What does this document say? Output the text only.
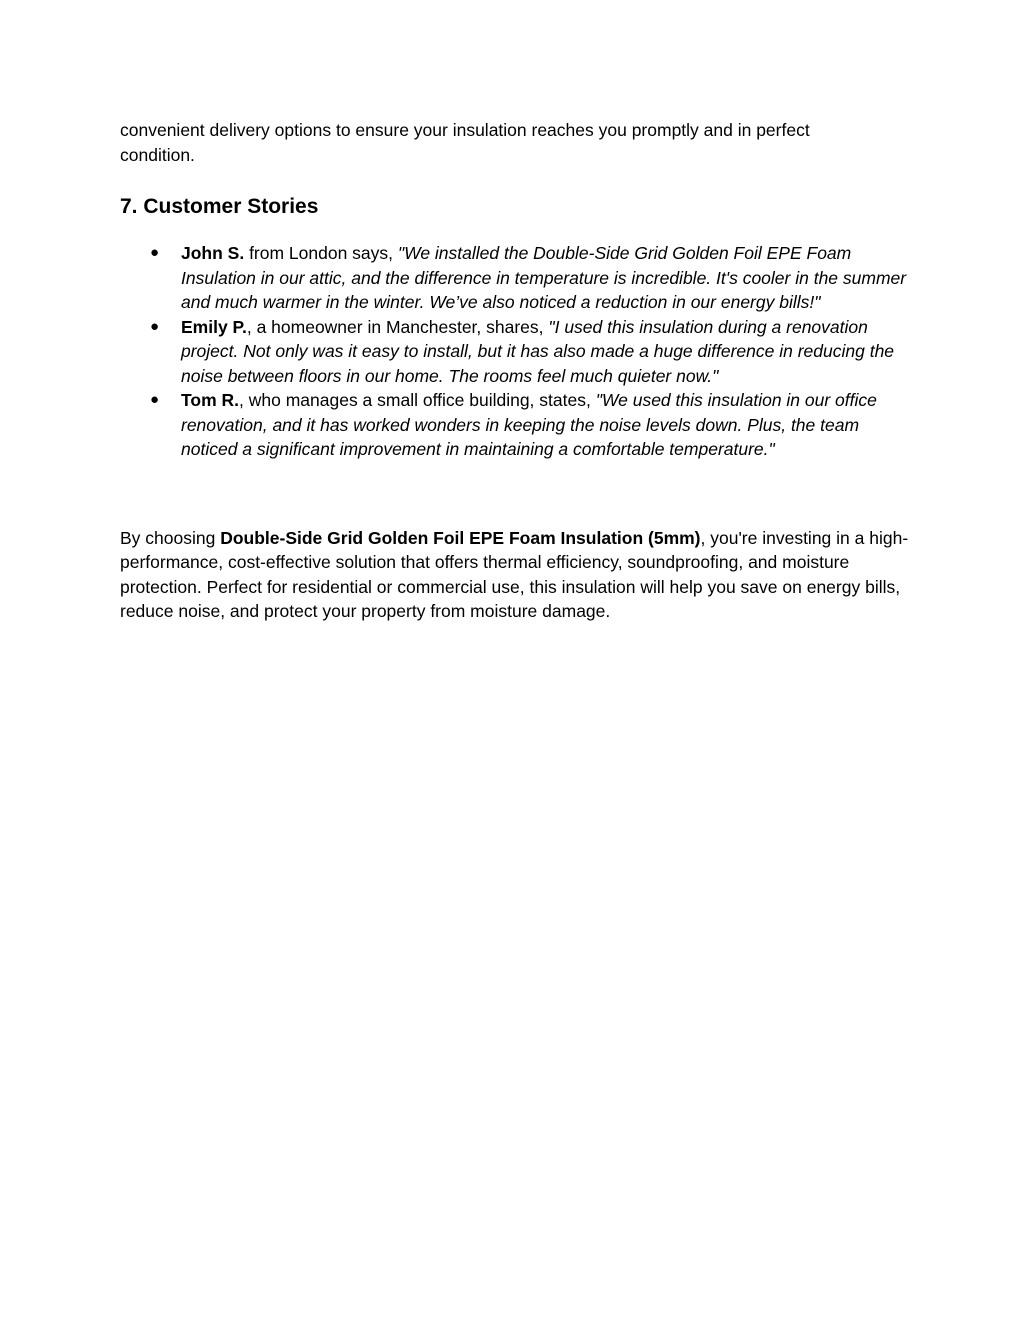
convenient delivery options to ensure your insulation reaches you promptly and in perfect condition.

7. Customer Stories
● John S. from London says, "We installed the Double-Side Grid Golden Foil EPE Foam Insulation in our attic, and the difference in temperature is incredible. It's cooler in the summer and much warmer in the winter. We’ve also noticed a reduction in our energy bills!"
● Emily P., a homeowner in Manchester, shares, "I used this insulation during a renovation project. Not only was it easy to install, but it has also made a huge difference in reducing the noise between floors in our home. The rooms feel much quieter now."
● Tom R., who manages a small office building, states, "We used this insulation in our office renovation, and it has worked wonders in keeping the noise levels down. Plus, the team noticed a significant improvement in maintaining a comfortable temperature."

By choosing Double-Side Grid Golden Foil EPE Foam Insulation (5mm), you're investing in a high-performance, cost-effective solution that offers thermal efficiency, soundproofing, and moisture protection. Perfect for residential or commercial use, this insulation will help you save on energy bills, reduce noise, and protect your property from moisture damage.
